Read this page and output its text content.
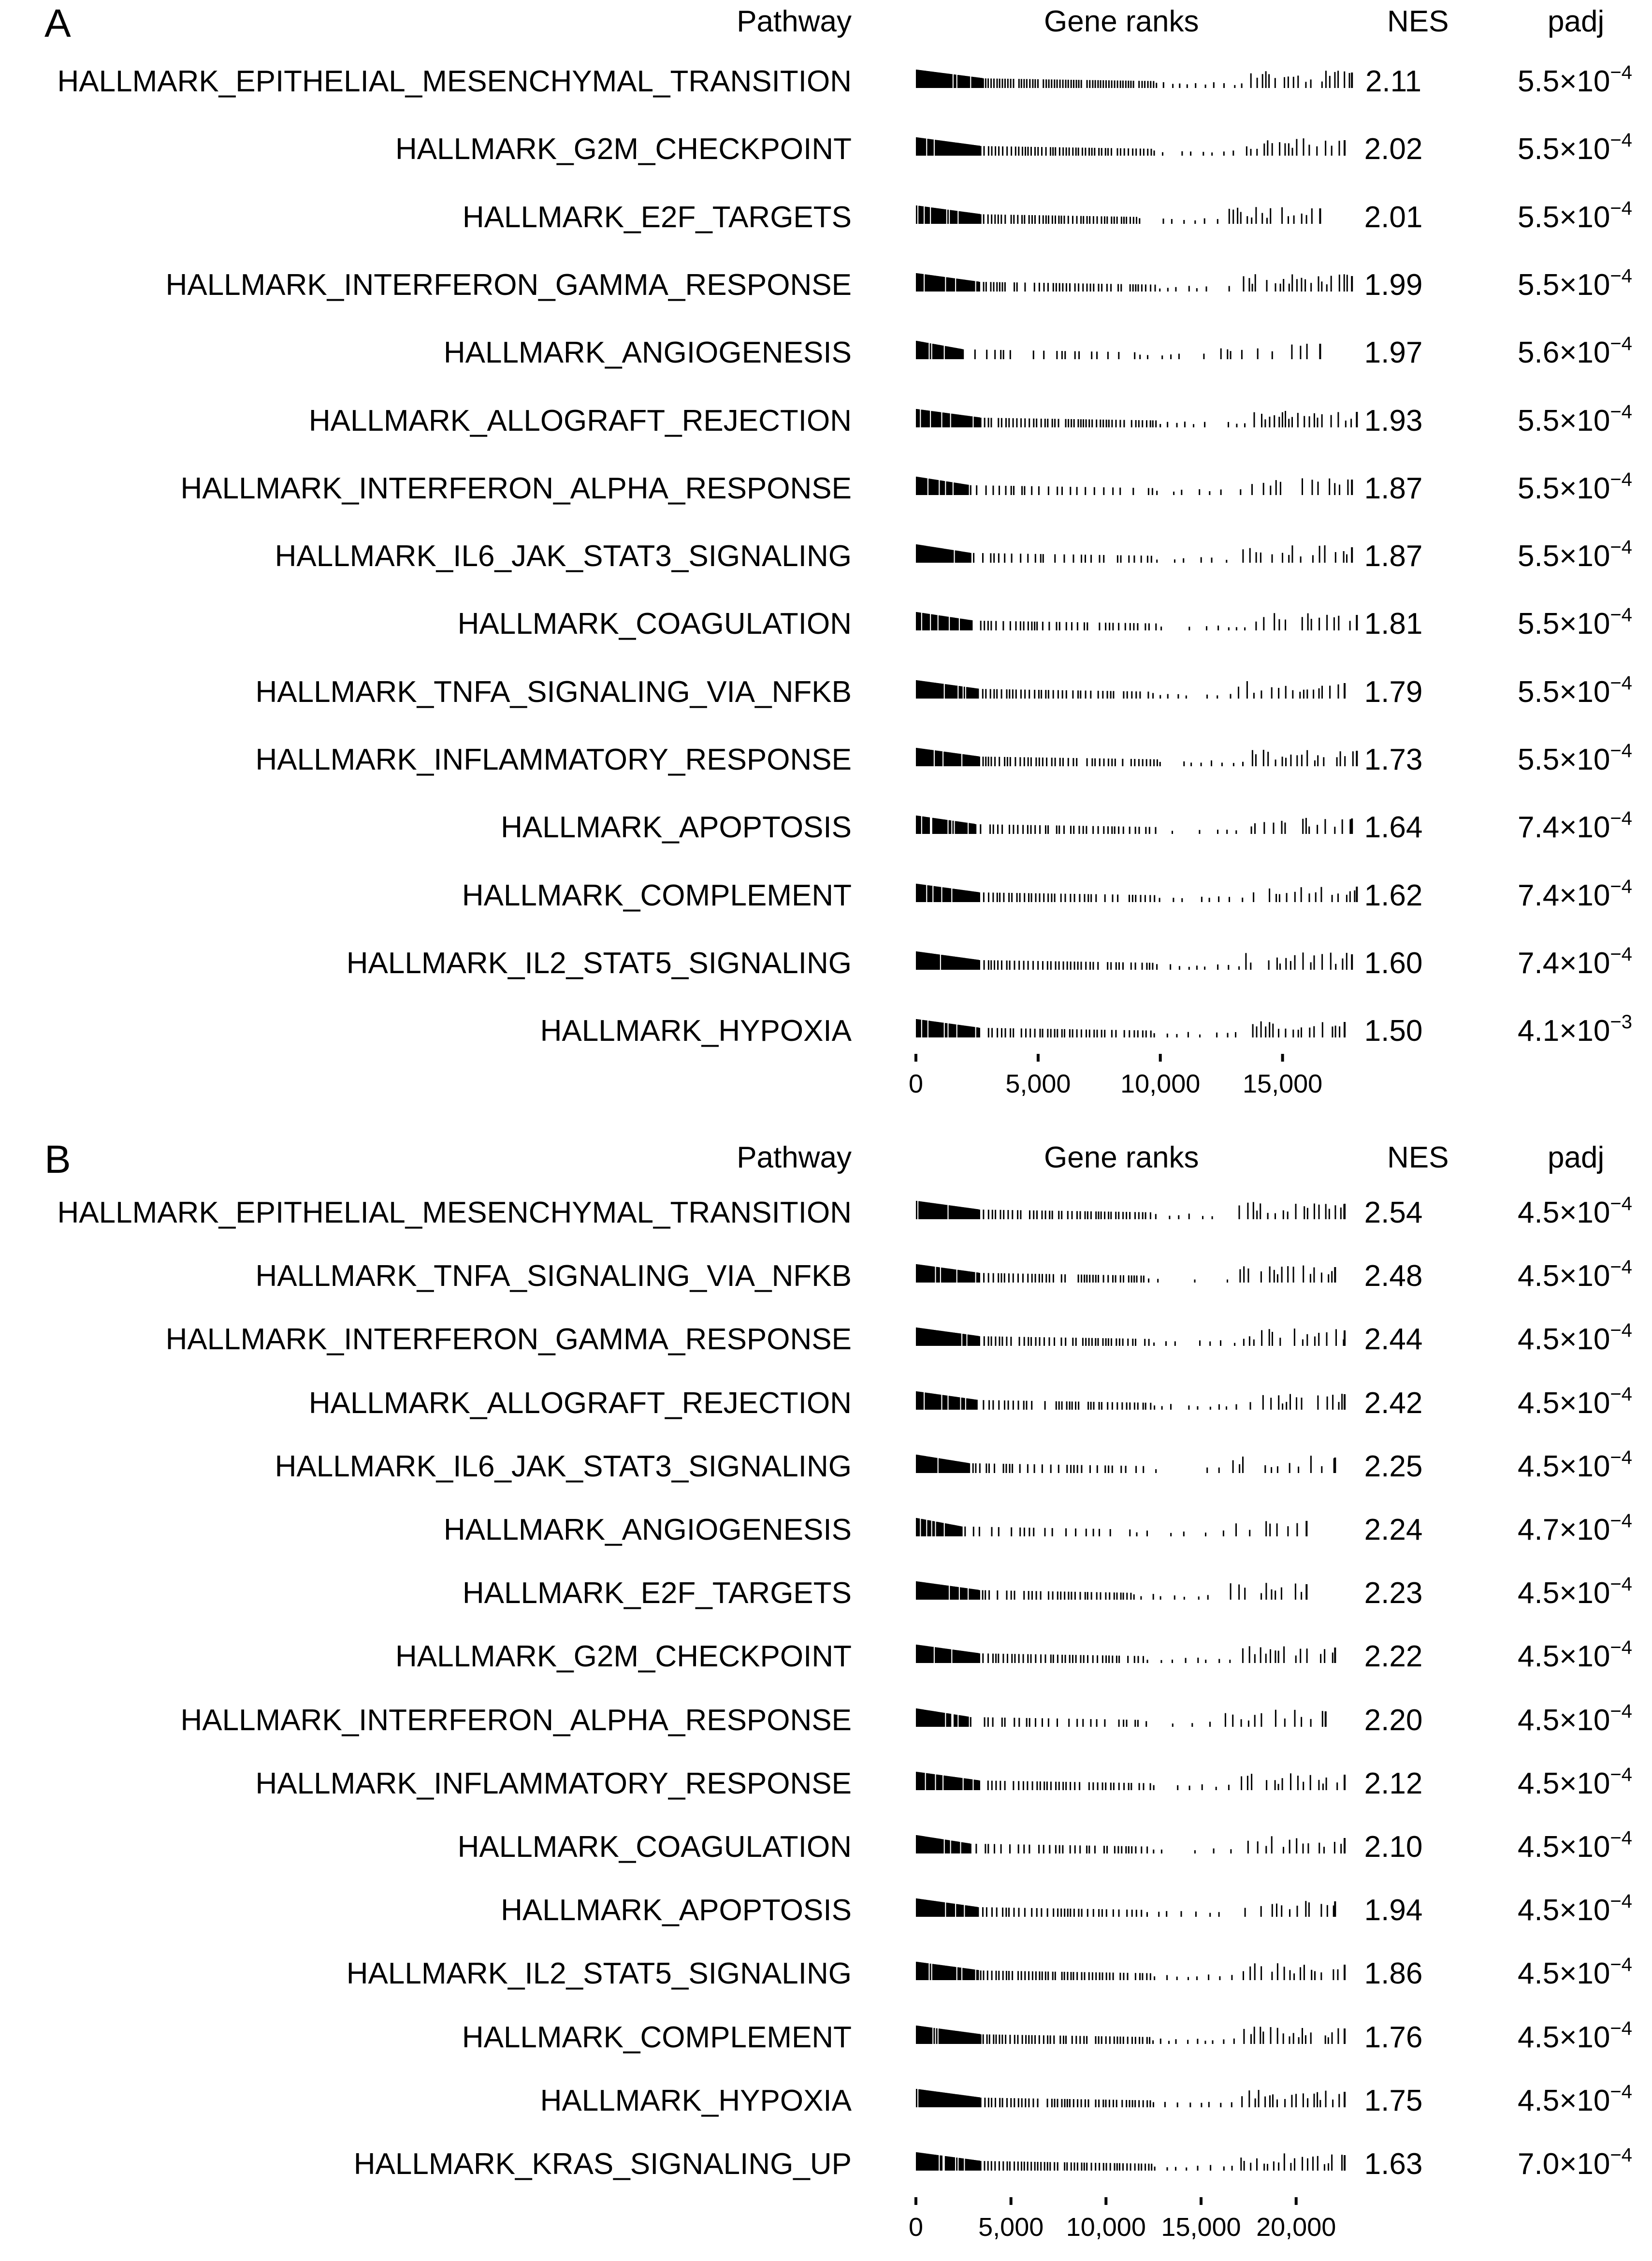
A	Pathway	Gene ranks	NES	padj
HALLMARK_EPITHELIAL_MESENCHYMAL_TRANSITION	2.11	$5.5\times 10^{-4}$
HALLMARK_G2M_CHECKPOINT	2.02	$5.5\times 10^{-4}$
HALLMARK_E2F_TARGETS	2.01	$5.5\times 10^{-4}$
HALLMARK_INTERFERON_GAMMA_RESPONSE	1.99	$5.5\times 10^{-4}$
HALLMARK_ANGIOGENESIS	1.97	$5.6\times 10^{-4}$
HALLMARK_ALLOGRAFT_REJECTION	1.93	$5.5\times 10^{-4}$
HALLMARK_INTERFERON_ALPHA_RESPONSE	1.87	$5.5\times 10^{-4}$
HALLMARK_IL6_JAK_STAT3_SIGNALING	1.87	$5.5\times 10^{-4}$
HALLMARK_COAGULATION	1.81	$5.5\times 10^{-4}$
HALLMARK_TNFA_SIGNALING_VIA_NFKB	1.79	$5.5\times 10^{-4}$
HALLMARK_INFLAMMATORY_RESPONSE	1.73	$5.5\times 10^{-4}$
HALLMARK_APOPTOSIS	1.64	$7.4\times 10^{-4}$
HALLMARK_COMPLEMENT	1.62	$7.4\times 10^{-4}$
HALLMARK_IL2_STAT5_SIGNALING	1.60	$7.4\times 10^{-4}$
HALLMARK_HYPOXIA	1.50	$4.1\times 10^{-3}$
0	5,000 10,000 15,000
B	Pathway	Gene ranks	NES	padj
HALLMARK_EPITHELIAL_MESENCHYMAL_TRANSITION	2.54	$4.5\times 10^{-4}$
HALLMARK_TNFA_SIGNALING_VIA_NFKB	2.48	$4.5\times 10^{-4}$
HALLMARK_INTERFERON_GAMMA_RESPONSE	2.44	$4.5\times 10^{-4}$
HALLMARK_ALLOGRAFT_REJECTION	2.42	$4.5\times 10^{-4}$
HALLMARK_IL6_JAK_STAT3_SIGNALING	2.25	$4.5\times 10^{-4}$
HALLMARK_ANGIOGENESIS	2.24	$4.7\times 10^{-4}$
HALLMARK_E2F_TARGETS	2.23	$4.5\times 10^{-4}$
HALLMARK_G2M_CHECKPOINT	2.22	$4.5\times 10^{-4}$
HALLMARK_INTERFERON_ALPHA_RESPONSE	2.20	$4.5\times 10^{-4}$
HALLMARK_INFLAMMATORY_RESPONSE	2.12	$4.5\times 10^{-4}$
HALLMARK_COAGULATION	2.10	$4.5\times 10^{-4}$
HALLMARK_APOPTOSIS	1.94	$4.5\times 10^{-4}$
HALLMARK_IL2_STAT5_SIGNALING	1.86	$4.5\times 10^{-4}$
HALLMARK_COMPLEMENT	1.76	$4.5\times 10^{-4}$
HALLMARK_HYPOXIA	1.75	$4.5\times 10^{-4}$
HALLMARK_KRAS_SIGNALING_UP	1.63	$7.0\times 10^{-4}$
0 5,000 10,000 15,000 20,000
